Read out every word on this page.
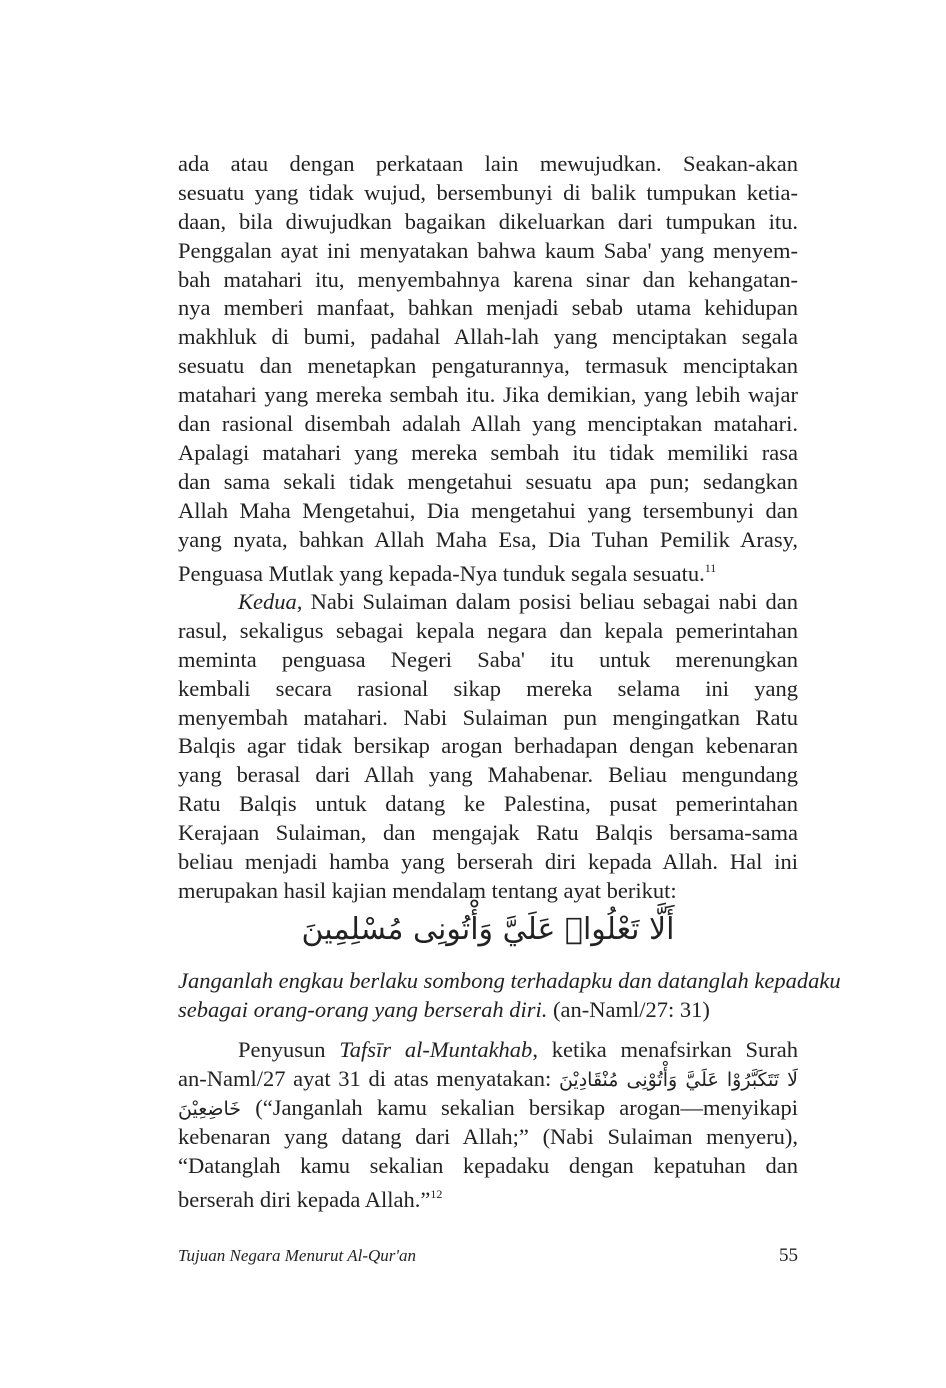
ada atau dengan perkataan lain mewujudkan. Seakan-akan
sesuatu yang tidak wujud, bersembunyi di balik tumpukan ketia-
daan, bila diwujudkan bagaikan dikeluarkan dari tumpukan itu.
Penggalan ayat ini menyatakan bahwa kaum Saba' yang menyem-
bah matahari itu, menyembahnya karena sinar dan kehangatan-
nya memberi manfaat, bahkan menjadi sebab utama kehidupan
makhluk di bumi, padahal Allah-lah yang menciptakan segala
sesuatu dan menetapkan pengaturannya, termasuk menciptakan
matahari yang mereka sembah itu. Jika demikian, yang lebih wajar
dan rasional disembah adalah Allah yang menciptakan matahari.
Apalagi matahari yang mereka sembah itu tidak memiliki rasa
dan sama sekali tidak mengetahui sesuatu apa pun; sedangkan
Allah Maha Mengetahui, Dia mengetahui yang tersembunyi dan
yang nyata, bahkan Allah Maha Esa, Dia Tuhan Pemilik Arasy,
Penguasa Mutlak yang kepada-Nya tunduk segala sesuatu.$^{11}$
Kedua, Nabi Sulaiman dalam posisi beliau sebagai nabi dan
rasul, sekaligus sebagai kepala negara dan kepala pemerintahan
meminta penguasa Negeri Saba' itu untuk merenungkan
kembali secara rasional sikap mereka selama ini yang
menyembah matahari. Nabi Sulaiman pun mengingatkan Ratu
Balqis agar tidak bersikap arogan berhadapan dengan kebenaran
yang berasal dari Allah yang Mahabenar. Beliau mengundang
Ratu Balqis untuk datang ke Palestina, pusat pemerintahan
Kerajaan Sulaiman, dan mengajak Ratu Balqis bersama-sama
beliau menjadi hamba yang berserah diri kepada Allah. Hal ini
merupakan hasil kajian mendalam tentang ayat berikut:
أَلَّا تَعْلُوا۟ عَلَيَّ وَأْتُونِى مُسْلِمِينَ
Janganlah engkau berlaku sombong terhadapku dan datanglah kepadaku
sebagai orang-orang yang berserah diri. (an-Naml/27: 31)
Penyusun Tafsīr al-Muntakhab, ketika menafsirkan Surah
an-Naml/27 ayat 31 di atas menyatakan: لَا تَتَكَبَّرُوْا عَلَيَّ وَأْتُوْنِى مُنْقَادِيْنَ
خَاضِعِيْنَ (“Janganlah kamu sekalian bersikap arogan—menyikapi
kebenaran yang datang dari Allah;” (Nabi Sulaiman menyeru),
“Datanglah kamu sekalian kepadaku dengan kepatuhan dan
berserah diri kepada Allah.”$^{12}$
Tujuan Negara Menurut Al-Qur'an	55
